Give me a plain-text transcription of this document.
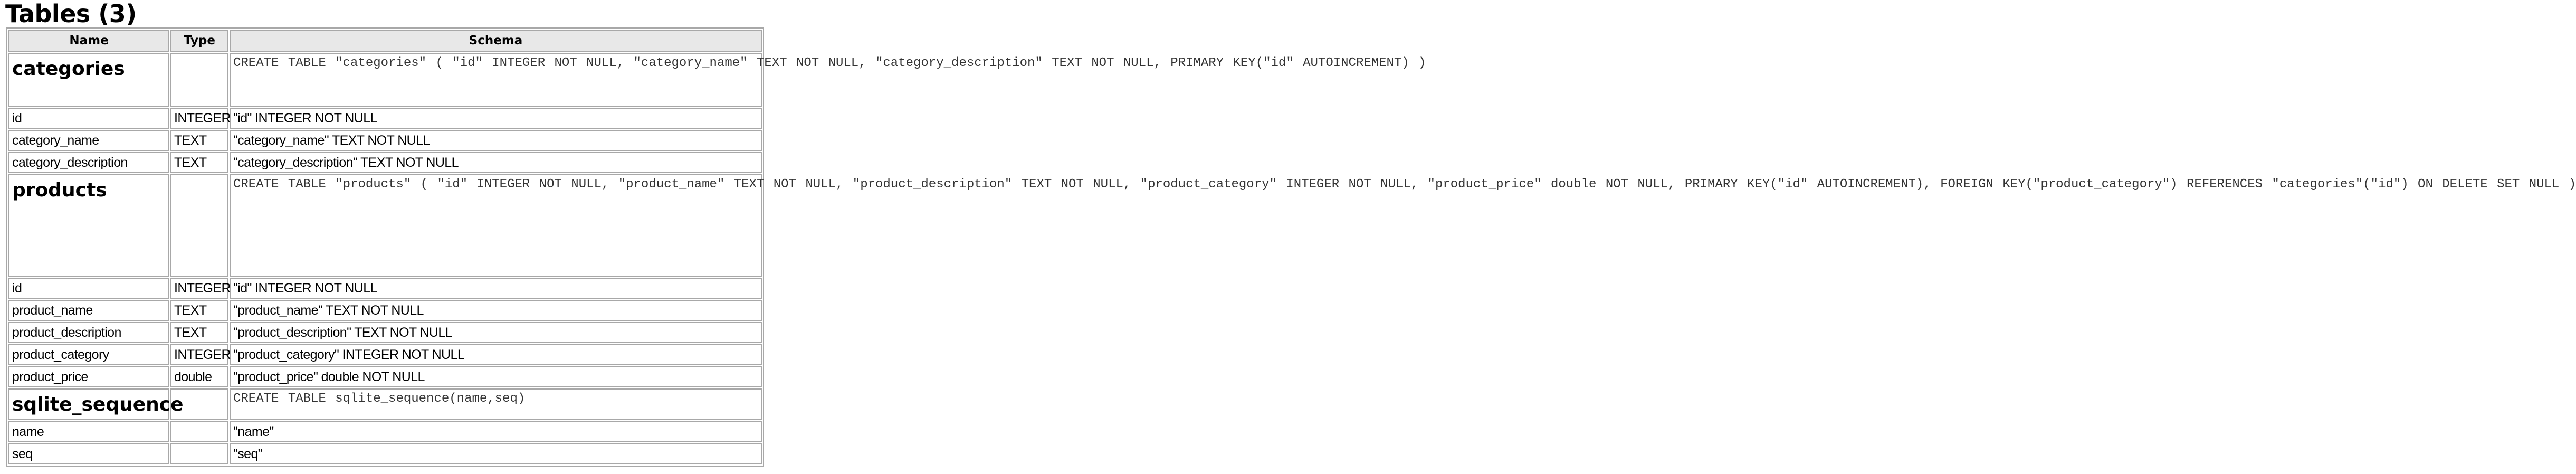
Tables (3)
Name	Type	Schema
categories		CREATE TABLE "categories" ( "id" INTEGER NOT NULL, "category_name" TEXT NOT NULL, "category_description" TEXT NOT NULL, PRIMARY KEY("id" AUTOINCREMENT) )
id	INTEGER	"id" INTEGER NOT NULL
category_name	TEXT	"category_name" TEXT NOT NULL
category_description	TEXT	"category_description" TEXT NOT NULL
products		CREATE TABLE "products" ( "id" INTEGER NOT NULL, "product_name" TEXT NOT NULL, "product_description" TEXT NOT NULL, "product_category" INTEGER NOT NULL, "product_price" double NOT NULL, PRIMARY KEY("id" AUTOINCREMENT), FOREIGN KEY("product_category") REFERENCES "categories"("id") ON DELETE SET NULL )
id	INTEGER	"id" INTEGER NOT NULL
product_name	TEXT	"product_name" TEXT NOT NULL
product_description	TEXT	"product_description" TEXT NOT NULL
product_category	INTEGER	"product_category" INTEGER NOT NULL
product_price	double	"product_price" double NOT NULL
sqlite_sequence		CREATE TABLE sqlite_sequence(name,seq)
name		"name"
seq		"seq"
